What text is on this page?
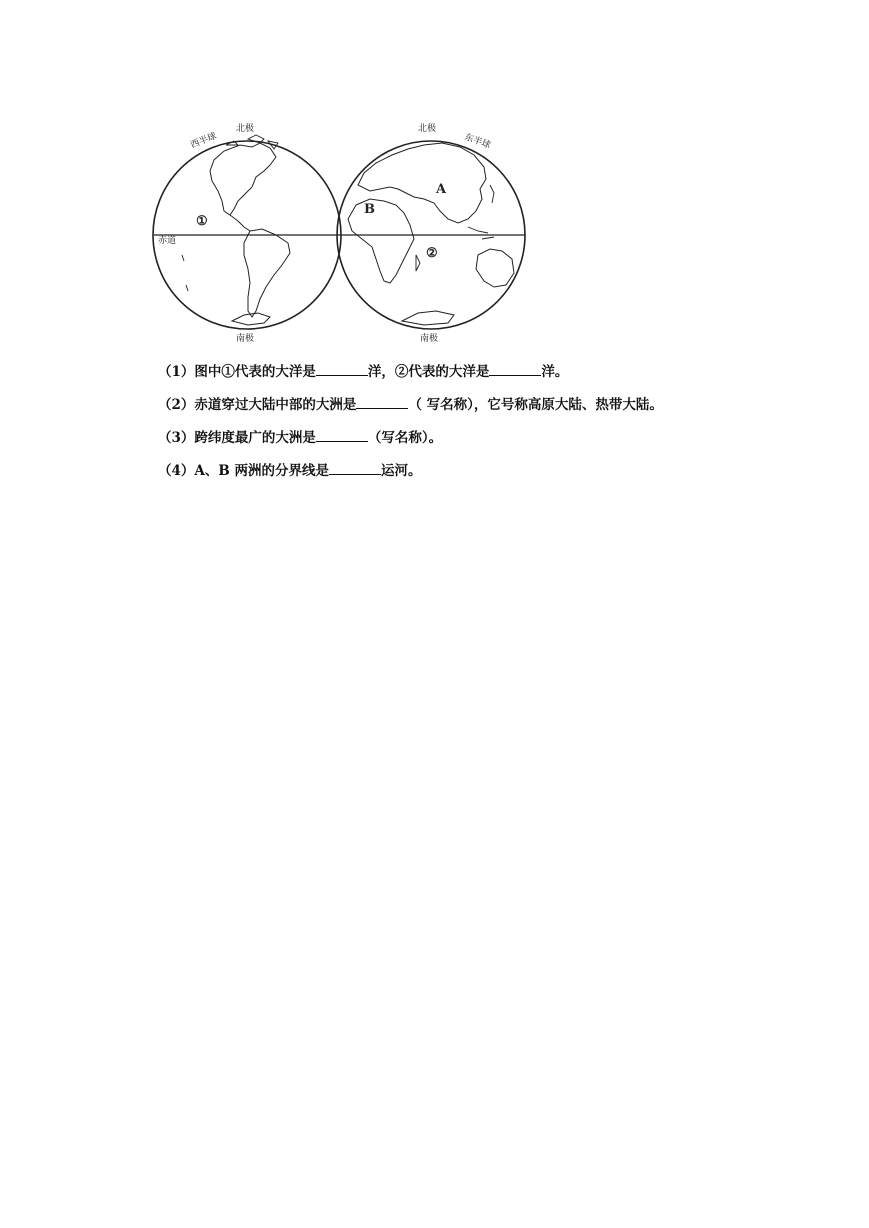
西半球
北极	北极
东半球
赤道
南极	南极
①
②
A
B
（1）图中①代表的大洋是	洋，②代表的大洋是	洋。
（2）赤道穿过大陆中部的大洲是	（ 写名称），它号称高原大陆、热带大陆。
（3）跨纬度最广的大洲是	（写名称）。
（4）A、B 两洲的分界线是	运河。
